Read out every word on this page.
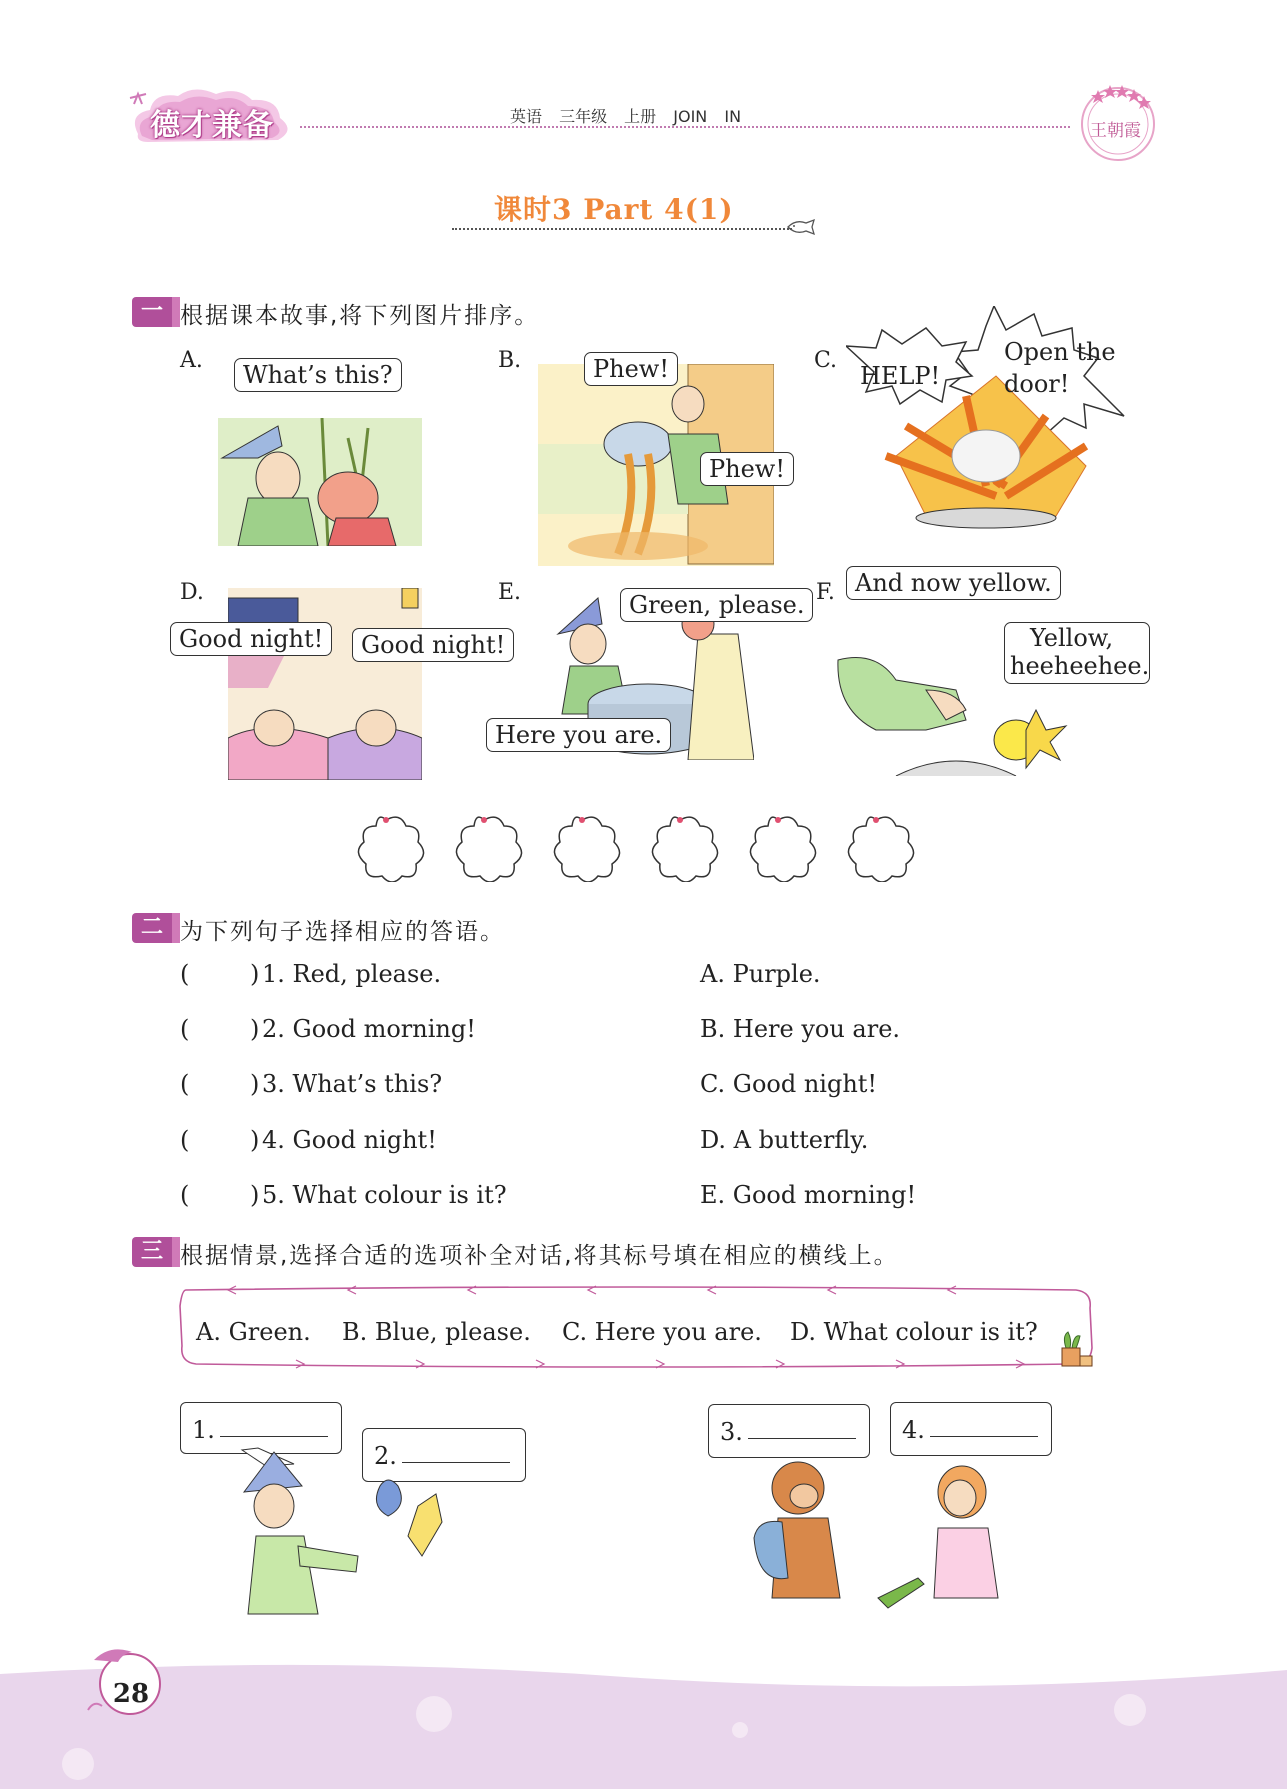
德才兼备	英语 三年级 上册 JOIN IN
王朝霞
课时3 Part 4(1)
一 根据课本故事,将下列图片排序。
A.
What’s this?
B.	Phew!
Phew!
C.
HELP!
Open the
door!
D.
Good night!	Good night!
E.	Green, please.
Here you are.
F. And now yellow.
Yellow,
heeheehee.
二 为下列句子选择相应的答语。
(	) 1. Red, please.	A. Purple.
(	) 2. Good morning!	B. Here you are.
(	) 3. What’s this?	C. Good night!
(	) 4. Good night!	D. A butterfly.
(	) 5. What colour is it?	E. Good morning!
三 根据情景,选择合适的选项补全对话,将其标号填在相应的横线上。
A. Green. B. Blue, please. C. Here you are. D. What colour is it?
1.
2.
3.	4.
28
